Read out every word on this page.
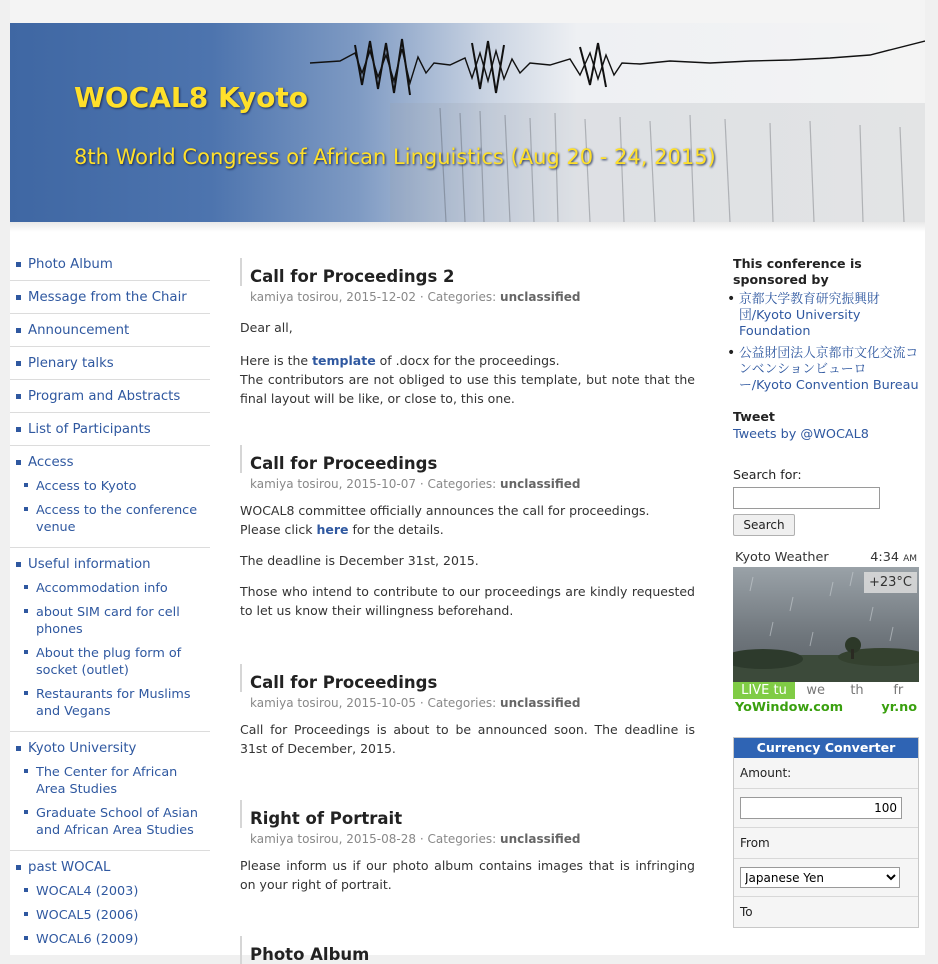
WOCAL8 Kyoto
8th World Congress of African Linguistics (Aug 20 - 24, 2015)
Photo Album
Message from the Chair
Announcement
Plenary talks
Program and Abstracts
List of Participants
Access
Access to Kyoto
Access to the conference venue
Useful information
Accommodation info
about SIM card for cell phones
About the plug form of socket (outlet)
Restaurants for Muslims and Vegans
Kyoto University
The Center for African Area Studies
Graduate School of Asian and African Area Studies
past WOCAL
WOCAL4 (2003)
WOCAL5 (2006)
WOCAL6 (2009)
Call for Proceedings 2
kamiya tosirou, 2015-12-02 · Categories: unclassified

Dear all,

Here is the template of .docx for the proceedings.
The contributors are not obliged to use this template, but note that the final layout will be like, or close to, this one.

Call for Proceedings
kamiya tosirou, 2015-10-07 · Categories: unclassified

WOCAL8 committee officially announces the call for proceedings.
Please click here for the details.

The deadline is December 31st, 2015.

Those who intend to contribute to our proceedings are kindly requested to let us know their willingness beforehand.

Call for Proceedings
kamiya tosirou, 2015-10-05 · Categories: unclassified

Call for Proceedings is about to be announced soon. The deadline is 31st of December, 2015.

Right of Portrait
kamiya tosirou, 2015-08-28 · Categories: unclassified

Please inform us if our photo album contains images that is infringing on your right of portrait.

Photo Album
This conference is sponsored by
• 京都大学教育研究振興財団/Kyoto University Foundation
• 公益財団法人京都市文化交流コンベンションビューロー/Kyoto Convention Bureau
Tweet
Tweets by @WOCAL8
Search for:
Search
Kyoto Weather	4:34 AM
+23°C
LIVE tu	we	th	fr
YoWindow.com	yr.no
Currency Converter
Amount:
100
From
Japanese Yen
To
